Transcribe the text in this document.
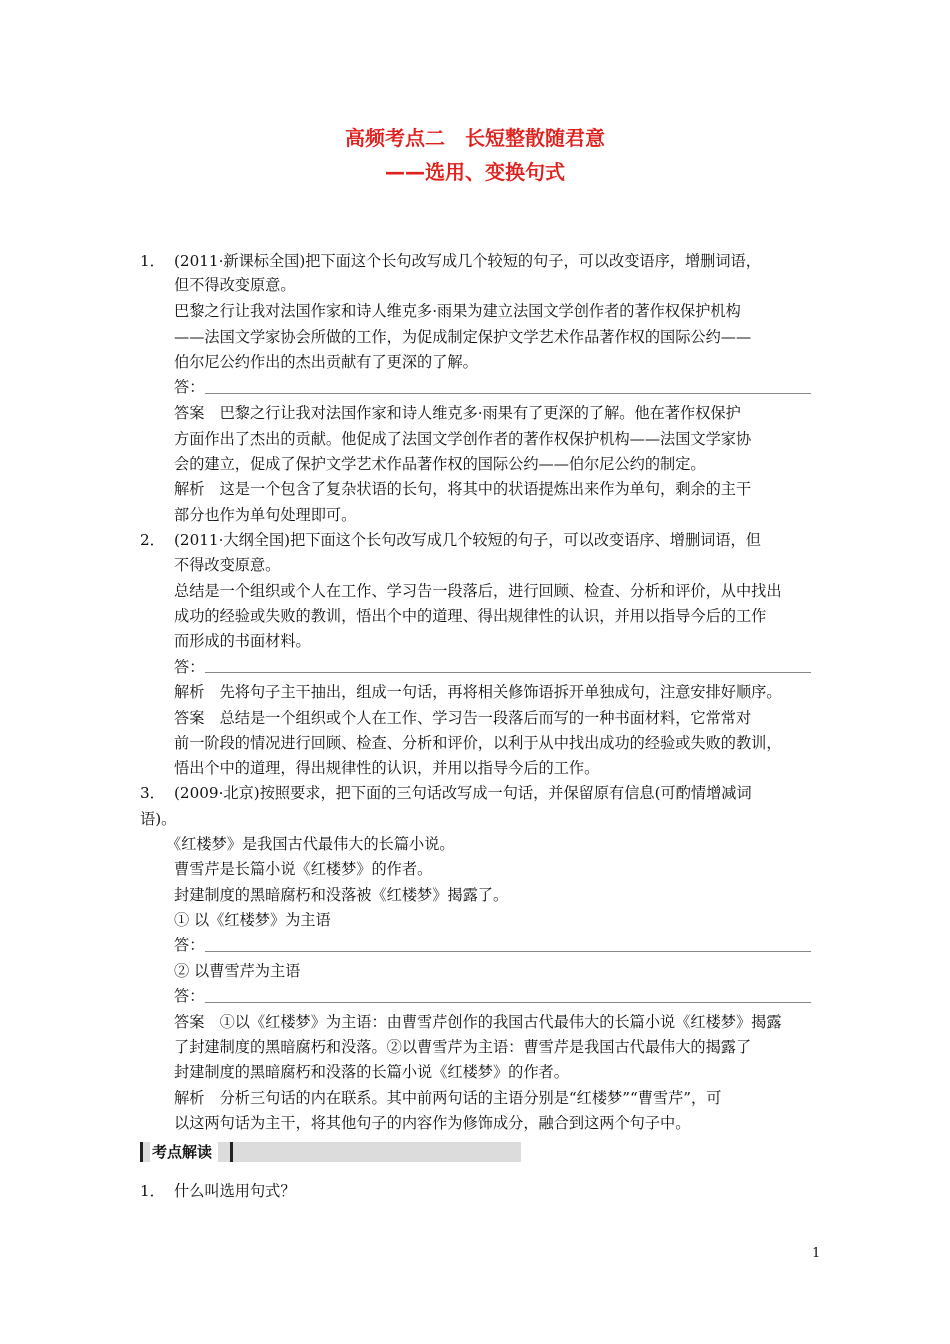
高频考点二　长短整散随君意
——选用、变换句式
1． (2011·新课标全国)把下面这个长句改写成几个较短的句子，可以改变语序，增删词语，
但不得改变原意。
巴黎之行让我对法国作家和诗人维克多·雨果为建立法国文学创作者的著作权保护机构
——法国文学家协会所做的工作，为促成制定保护文学艺术作品著作权的国际公约——
伯尔尼公约作出的杰出贡献有了更深的了解。
答：
答案　巴黎之行让我对法国作家和诗人维克多·雨果有了更深的了解。他在著作权保护
方面作出了杰出的贡献。他促成了法国文学创作者的著作权保护机构——法国文学家协
会的建立，促成了保护文学艺术作品著作权的国际公约——伯尔尼公约的制定。
解析　这是一个包含了复杂状语的长句，将其中的状语提炼出来作为单句，剩余的主干
部分也作为单句处理即可。
2． (2011·大纲全国)把下面这个长句改写成几个较短的句子，可以改变语序、增删词语，但
不得改变原意。
总结是一个组织或个人在工作、学习告一段落后，进行回顾、检查、分析和评价，从中找出
成功的经验或失败的教训，悟出个中的道理、得出规律性的认识，并用以指导今后的工作
而形成的书面材料。
答：
解析　先将句子主干抽出，组成一句话，再将相关修饰语拆开单独成句，注意安排好顺序。
答案　总结是一个组织或个人在工作、学习告一段落后而写的一种书面材料，它常常对
前一阶段的情况进行回顾、检查、分析和评价，以利于从中找出成功的经验或失败的教训，
悟出个中的道理，得出规律性的认识，并用以指导今后的工作。
3． (2009·北京)按照要求，把下面的三句话改写成一句话，并保留原有信息(可酌情增减词
语)。
《红楼梦》是我国古代最伟大的长篇小说。
曹雪芹是长篇小说《红楼梦》的作者。
封建制度的黑暗腐朽和没落被《红楼梦》揭露了。
① 以《红楼梦》为主语
答：
② 以曹雪芹为主语
答：
答案　①以《红楼梦》为主语：由曹雪芹创作的我国古代最伟大的长篇小说《红楼梦》揭露
了封建制度的黑暗腐朽和没落。②以曹雪芹为主语：曹雪芹是我国古代最伟大的揭露了
封建制度的黑暗腐朽和没落的长篇小说《红楼梦》的作者。
解析　分析三句话的内在联系。其中前两句话的主语分别是“红楼梦”“曹雪芹”，可
以这两句话为主干，将其他句子的内容作为修饰成分，融合到这两个句子中。
考点解读
1． 什么叫选用句式？
1
